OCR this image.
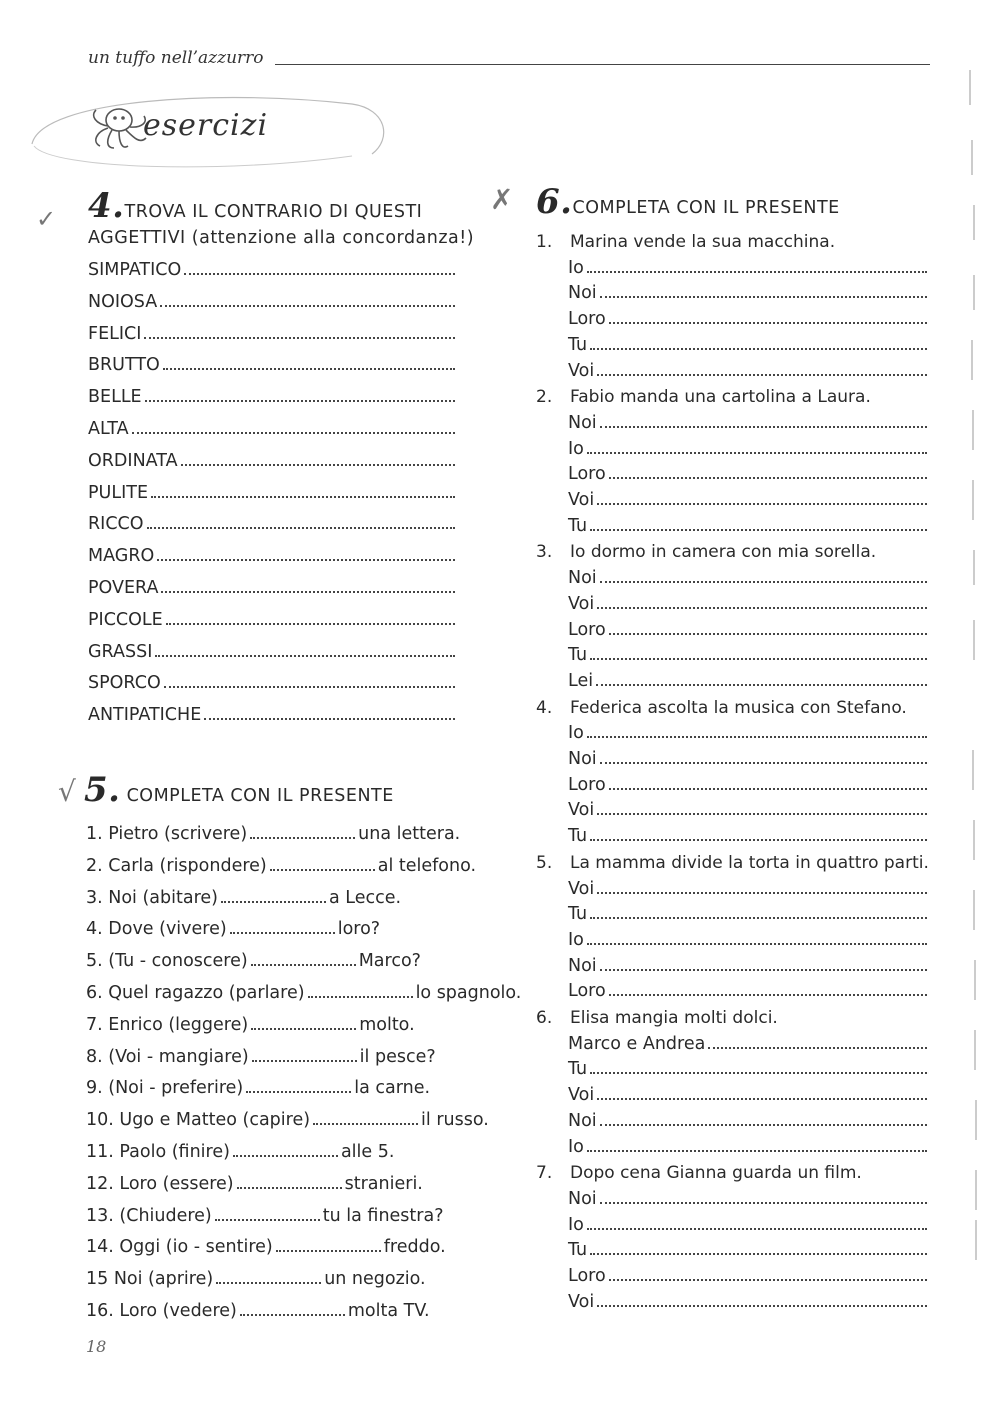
un tuffo nell’azzurro
esercizi
✓ 4.TROVA IL CONTRARIO DI QUESTI
AGGETTIVI (attenzione alla concordanza!)
SIMPATICO
NOIOSA
FELICI
BRUTTO
BELLE
ALTA
ORDINATA
PULITE
RICCO
MAGRO
POVERA
PICCOLE
GRASSI
SPORCO
ANTIPATICHE
√ 5. COMPLETA CON IL PRESENTE
1. Pietro (scrivere)	una lettera.
2. Carla (rispondere)	al telefono.
3. Noi (abitare)	a Lecce.
4. Dove (vivere)	loro?
5. (Tu - conoscere)	Marco?
6. Quel ragazzo (parlare)	lo spagnolo.
7. Enrico (leggere)	molto.
8. (Voi - mangiare)	il pesce?
9. (Noi - preferire)	la carne.
10. Ugo e Matteo (capire)	il russo.
11. Paolo (finire)	alle 5.
12. Loro (essere)	stranieri.
13. (Chiudere)	tu la finestra?
14. Oggi (io - sentire)	freddo.
15 Noi (aprire)	un negozio.
16. Loro (vedere)	molta TV.
✗ 6.COMPLETA CON IL PRESENTE
1. Marina vende la sua macchina.
Io
Noi
Loro
Tu
Voi
2. Fabio manda una cartolina a Laura.
Noi
Io
Loro
Voi
Tu
3. Io dormo in camera con mia sorella.
Noi
Voi
Loro
Tu
Lei
4. Federica ascolta la musica con Stefano.
Io
Noi
Loro
Voi
Tu
5. La mamma divide la torta in quattro parti.
Voi
Tu
Io
Noi
Loro
6. Elisa mangia molti dolci.
Marco e Andrea
Tu
Voi
Noi
Io
7. Dopo cena Gianna guarda un film.
Noi
Io
Tu
Loro
Voi
18
